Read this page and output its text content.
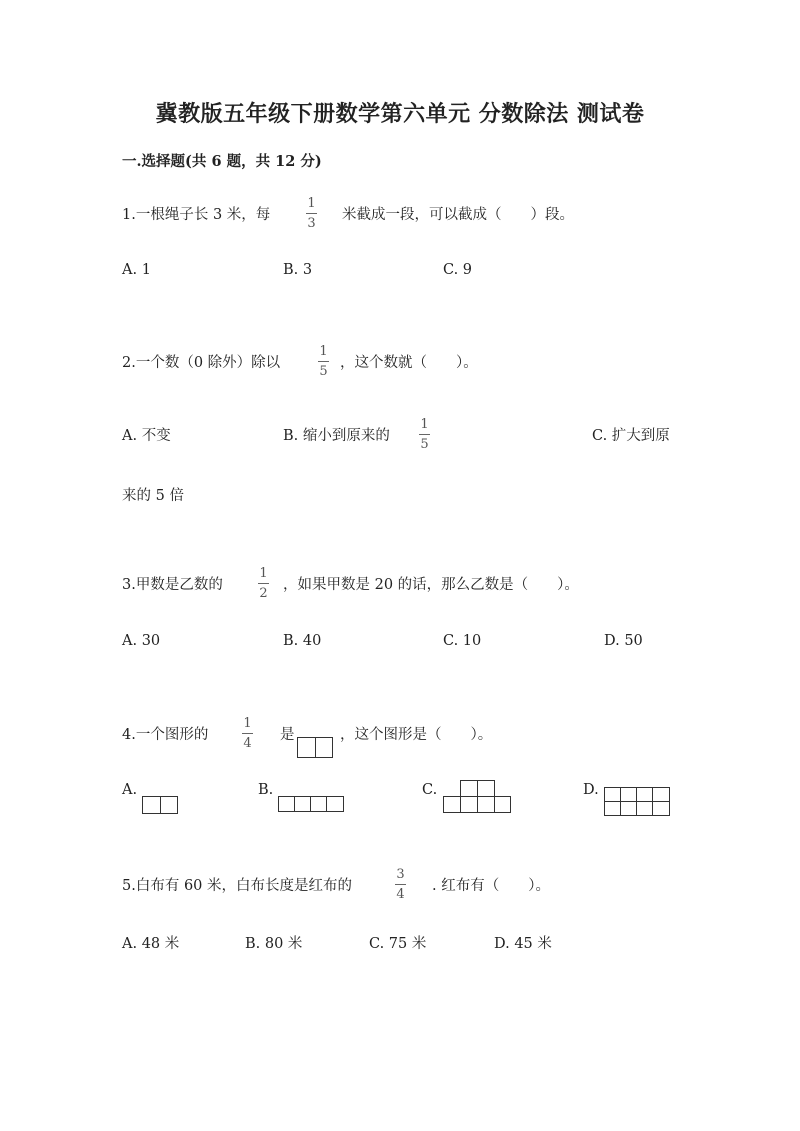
冀教版五年级下册数学第六单元 分数除法 测试卷
一.选择题(共 6 题，共 12 分)
1.一根绳子长 3 米，每
1
3
米截成一段，可以截成（　　）段。
A. 1	B. 3	C. 9
2.一个数（0 除外）除以
1
5
，这个数就（　　）。
A. 不变	B. 缩小到原来的
1
5
C. 扩大到原
来的 5 倍
3.甲数是乙数的
1
2
，如果甲数是 20 的话，那么乙数是（　　）。
A. 30	B. 40	C. 10	D. 50
4.一个图形的
1
4
是	，这个图形是（　　）。
A.	B.	C.	D.
5.白布有 60 米，白布长度是红布的
3
4
. 红布有（　　）。
A. 48 米	B. 80 米	C. 75 米	D. 45 米
